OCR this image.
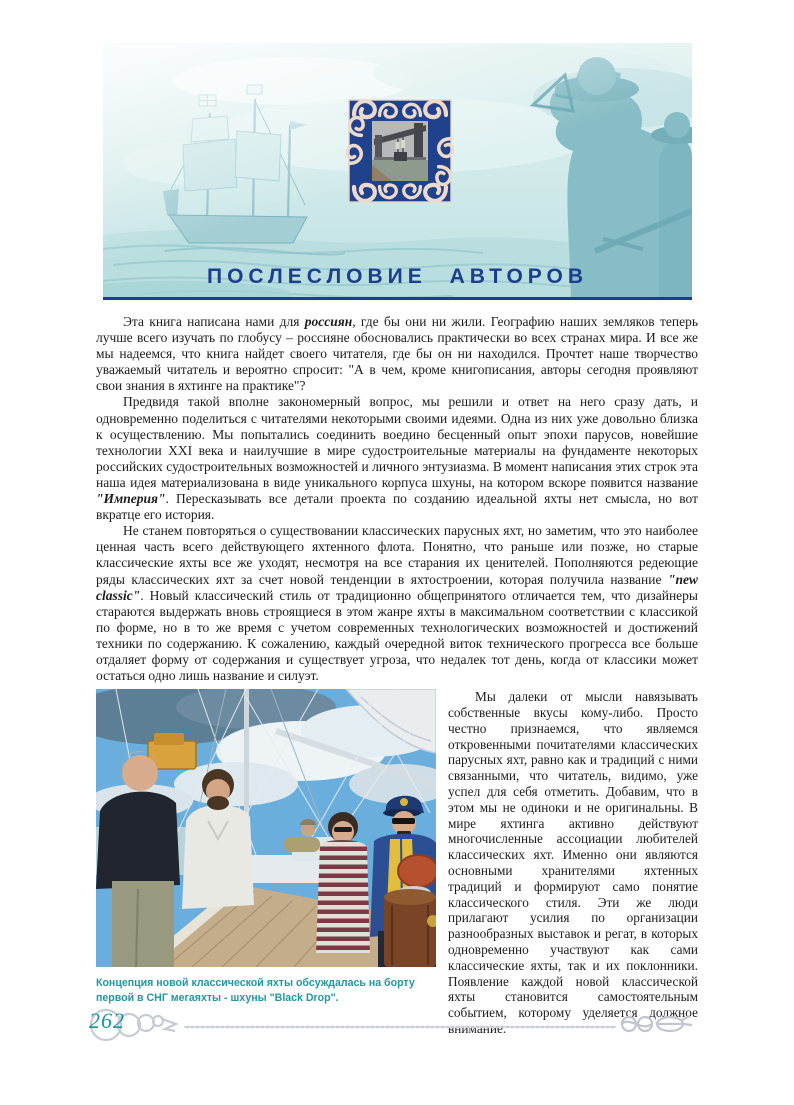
ПОСЛЕСЛОВИЕ АВТОРОВ

Эта книга написана нами для россиян, где бы они ни жили. Географию наших земляков теперь лучше всего изучать по глобусу – россияне обосновались практически во всех странах мира. И все же мы надеемся, что книга найдет своего читателя, где бы он ни находился. Прочтет наше творчество уважаемый читатель и вероятно спросит: "А в чем, кроме книгописания, авторы сегодня проявляют свои знания в яхтинге на практике"?

Предвидя такой вполне закономерный вопрос, мы решили и ответ на него сразу дать, и одновременно поделиться с читателями некоторыми своими идеями. Одна из них уже довольно близка к осуществлению. Мы попытались соединить воедино бесценный опыт эпохи парусов, новейшие технологии XXI века и наилучшие в мире судостроительные материалы на фундаменте некоторых российских судостроительных возможностей и личного энтузиазма. В момент написания этих строк эта наша идея материализована в виде уникального корпуса шхуны, на котором вскоре появится название "Империя". Пересказывать все детали проекта по созданию идеальной яхты нет смысла, но вот вкратце его история.

Не станем повторяться о существовании классических парусных яхт, но заметим, что это наиболее ценная часть всего действующего яхтенного флота. Понятно, что раньше или позже, но старые классические яхты все же уходят, несмотря на все старания их ценителей. Пополняются редеющие ряды классических яхт за счет новой тенденции в яхтостроении, которая получила название "new classic". Новый классический стиль от традиционно общепринятого отличается тем, что дизайнеры стараются выдержать вновь строящиеся в этом жанре яхты в максимальном соответствии с классикой по форме, но в то же время с учетом современных технологических возможностей и достижений техники по содержанию. К сожалению, каждый очередной виток технического прогресса все больше отдаляет форму от содержания и существует угроза, что недалек тот день, когда от классики может остаться одно лишь название и силуэт.

Концепция новой классической яхты обсуждалась на борту первой в СНГ мегаяхты - шхуны "Black Drop".

Мы далеки от мысли навязывать собственные вкусы кому-либо. Просто честно признаемся, что являемся откровенными почитателями классических парусных яхт, равно как и традиций с ними связанными, что читатель, видимо, уже успел для себя отметить. Добавим, что в этом мы не одиноки и не оригинальны. В мире яхтинга активно действуют многочисленные ассоциации любителей классических яхт. Именно они являются основными хранителями яхтенных традиций и формируют само понятие классического стиля. Эти же люди прилагают усилия по организации разнообразных выставок и регат, в которых одновременно участвуют как сами классические яхты, так и их поклонники. Появление каждой новой классической яхты становится самостоятельным событием, которому уделяется должное внимание.

262
